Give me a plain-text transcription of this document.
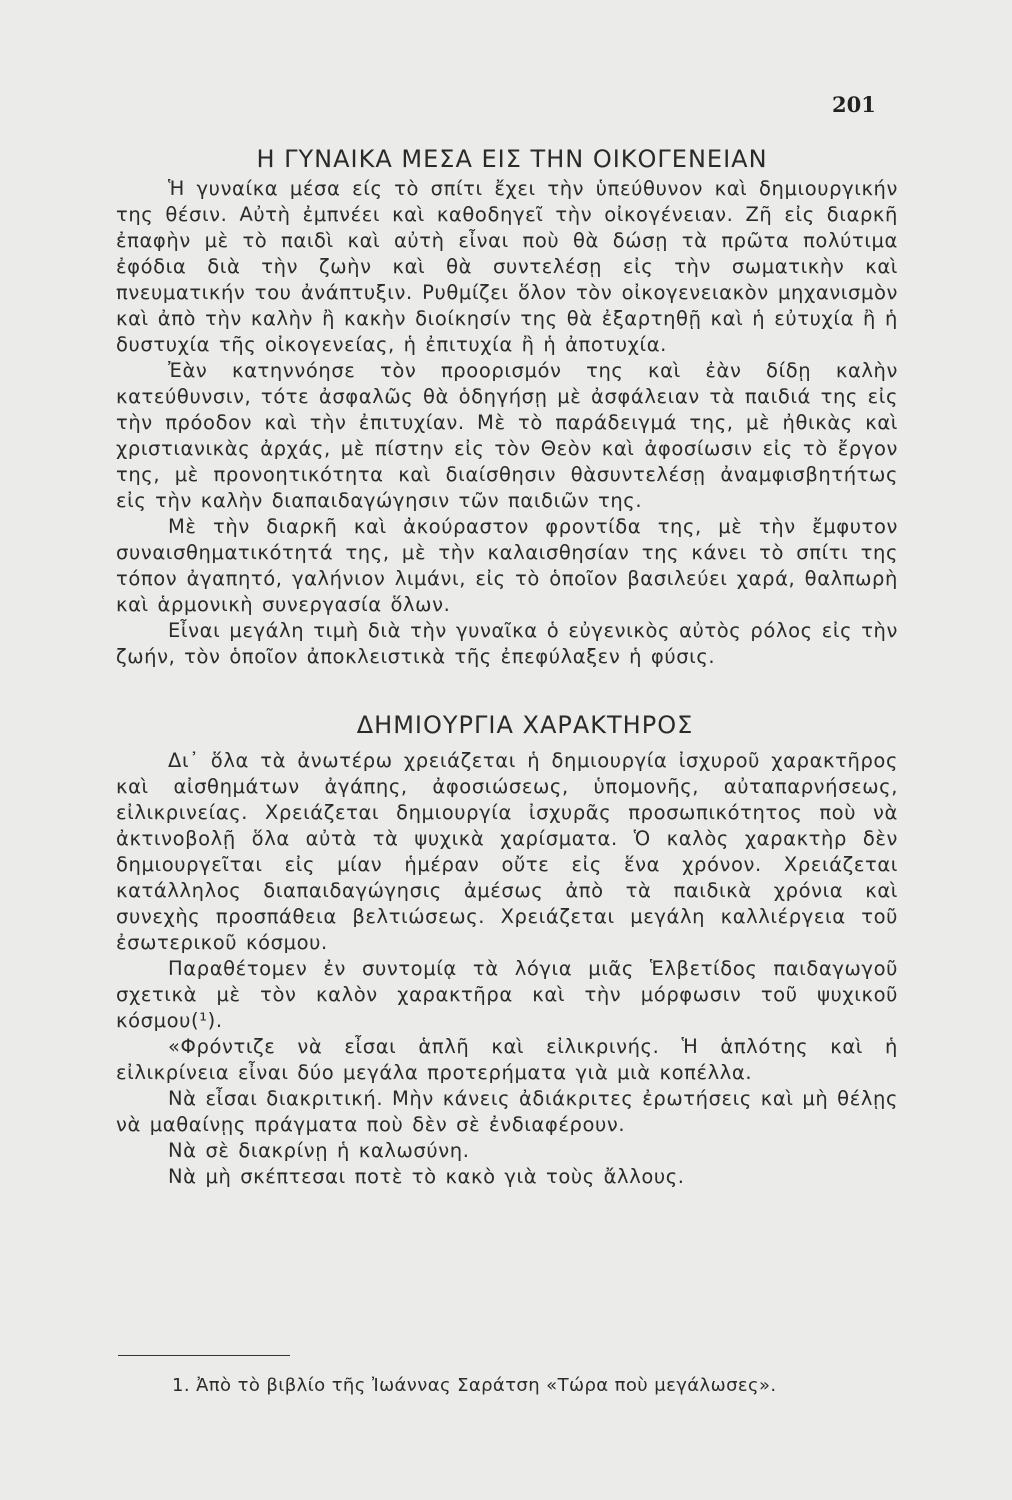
201
Η ΓΥΝΑΙΚΑ ΜΕΣΑ ΕΙΣ ΤΗΝ ΟΙΚΟΓΕΝΕΙΑΝ

Ἡ γυναίκα μέσα είς τὸ σπίτι ἔχει τὴν ὑπεύθυνον καὶ δημιουργικήν της θέσιν. Αὐτὴ ἐμπνέει καὶ καθοδηγεῖ τὴν οἰκογένειαν. Ζῆ εἰς διαρκῆ ἐπαφὴν μὲ τὸ παιδὶ καὶ αὐτὴ εἶναι ποὺ θὰ δώσῃ τὰ πρῶτα πολύτιμα ἐφόδια διὰ τὴν ζωὴν καὶ θὰ συντελέσῃ εἰς τὴν σωματικὴν καὶ πνευματικήν του ἀνάπτυξιν. Ρυθμίζει ὅλον τὸν οἰκογενειακὸν μηχανισμὸν καὶ ἀπὸ τὴν καλὴν ἢ κακὴν διοίκησίν της θὰ ἐξαρτηθῇ καὶ ἡ εὐτυχία ἢ ἡ δυστυχία τῆς οἰκογενείας, ἡ ἐπιτυχία ἢ ἡ ἀποτυχία.

Ἐὰν κατηννόησε τὸν προορισμόν της καὶ ἐὰν δίδῃ καλὴν κατεύθυνσιν, τότε ἀσφαλῶς θὰ ὁδηγήσῃ μὲ ἀσφάλειαν τὰ παιδιά της εἰς τὴν πρόοδον καὶ τὴν ἐπιτυχίαν. Μὲ τὸ παράδειγμά της, μὲ ἠθικὰς καὶ χριστιανικὰς ἀρχάς, μὲ πίστην εἰς τὸν Θεὸν καὶ ἀφοσίωσιν εἰς τὸ ἔργον της, μὲ προνοητικότητα καὶ διαίσθησιν θὰσυντελέσῃ ἀναμφισβητήτως εἰς τὴν καλὴν διαπαιδαγώγησιν τῶν παιδιῶν της.

Μὲ τὴν διαρκῆ καὶ ἀκούραστον φροντίδα της, μὲ τὴν ἔμφυτον συναισθηματικότητά της, μὲ τὴν καλαισθησίαν της κάνει τὸ σπίτι της τόπον ἀγαπητό, γαλήνιον λιμάνι, εἰς τὸ ὁποῖον βασιλεύει χαρά, θαλπωρὴ καὶ ἁρμονικὴ συνεργασία ὅλων.

Εἶναι μεγάλη τιμὴ διὰ τὴν γυναῖκα ὁ εὐγενικὸς αὐτὸς ρόλος εἰς τὴν ζωήν, τὸν ὁποῖον ἀποκλειστικὰ τῆς ἐπεφύλαξεν ἡ φύσις.

ΔΗΜΙΟΥΡΓΙΑ ΧΑΡΑΚΤΗΡΟΣ

Δι᾽ ὅλα τὰ ἀνωτέρω χρειάζεται ἡ δημιουργία ἰσχυροῦ χαρακτῆρος καὶ αἰσθημάτων ἀγάπης, ἀφοσιώσεως, ὑπομονῆς, αὐταπαρνήσεως, εἰλικρινείας. Χρειάζεται δημιουργία ἰσχυρᾶς προσωπικότητος ποὺ νὰ ἀκτινοβολῇ ὅλα αὐτὰ τὰ ψυχικὰ χαρίσματα. Ὁ καλὸς χαρακτὴρ δὲν δημιουργεῖται εἰς μίαν ἡμέραν οὔτε εἰς ἕνα χρόνον. Χρειάζεται κατάλληλος διαπαιδαγώγησις ἀμέσως ἀπὸ τὰ παιδικὰ χρόνια καὶ συνεχὴς προσπάθεια βελτιώσεως. Χρειάζεται μεγάλη καλλιέργεια τοῦ ἐσωτερικοῦ κόσμου.

Παραθέτομεν ἐν συντομίᾳ τὰ λόγια μιᾶς Ἑλβετίδος παιδαγωγοῦ σχετικὰ μὲ τὸν καλὸν χαρακτῆρα καὶ τὴν μόρφωσιν τοῦ ψυχικοῦ κόσμου(¹).

«Φρόντιζε νὰ εἶσαι ἁπλῆ καὶ εἰλικρινής. Ἡ ἁπλότης καὶ ἡ εἰλικρίνεια εἶναι δύο μεγάλα προτερήματα γιὰ μιὰ κοπέλλα.

Νὰ εἶσαι διακριτική. Μὴν κάνεις ἀδιάκριτες ἐρωτήσεις καὶ μὴ θέλῃς νὰ μαθαίνῃς πράγματα ποὺ δὲν σὲ ἐνδιαφέρουν.

Νὰ σὲ διακρίνῃ ἡ καλωσύνη.

Νὰ μὴ σκέπτεσαι ποτὲ τὸ κακὸ γιὰ τοὺς ἄλλους.

1. Ἀπὸ τὸ βιβλίο τῆς Ἰωάννας Σαράτση «Τώρα ποὺ μεγάλωσες».
